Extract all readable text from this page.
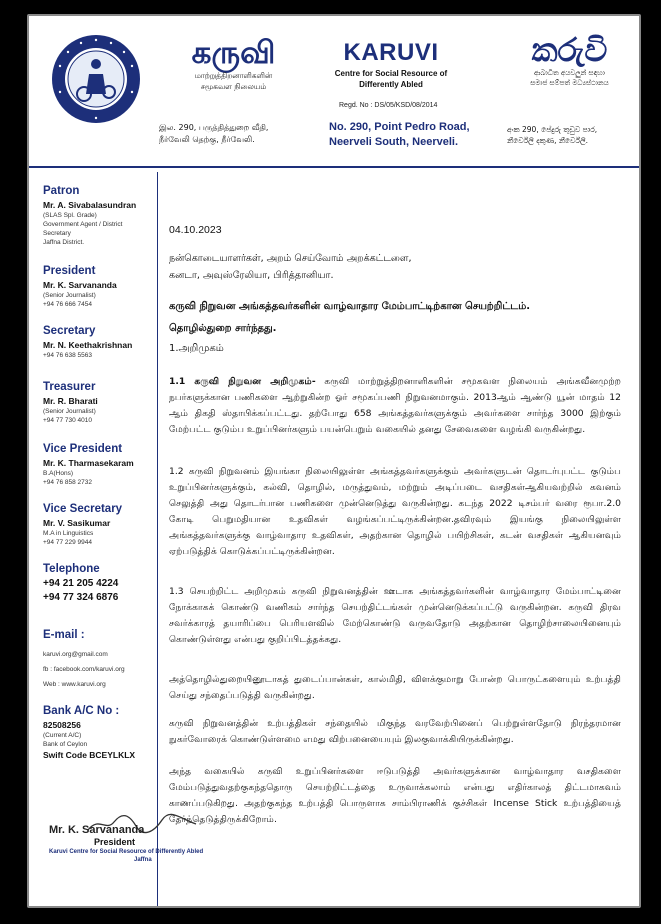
கருவி
மாற்றுத்திறனாளிகளின்
சமூகவள நிலையம்
KARUVI
Centre for Social Resource of
Differently Abled
කරුවි
ආබාධිත අයවලුන් සඳහා
සමාජ සම්පත් මධ්‍යස්ථානය
Regd. No : DS/05/KSD/08/2014
இல. 290, பருத்தித்துறை வீதி,
நீர்வேலி தெற்கு, நீர்வேலி.
No. 290, Point Pedro Road,
Neerveli South, Neerveli.
අංක 290, පේදුරු තුඩුව පාර,
නීර්වේලි දකුණ, නීර්වේලි.
Patron
Mr. A. Sivabalasundran
(SLAS Spl. Grade)
Government Agent / District
Secretary
Jaffna District.
President
Mr. K. Sarvananda
(Senior Journalist)
+94 76 666 7454
Secretary
Mr. N. Keethakrishnan
+94 76 638 5563
Treasurer
Mr. R. Bharati
(Senior Journalist)
+94 77 730 4010
Vice President
Mr. K. Tharmasekaram
B.A(Hons)
+94 76 858 2732
Vice Secretary
Mr. V. Sasikumar
M.A in Linguistics
+94 77 229 9944
Telephone
+94 21 205 4224
+94 77 324 6876
E-mail :
karuvi.org@gmail.com
fb : facebook.com/karuvi.org
Web : www.karuvi.org
Bank A/C No :
82508256
(Current A/C)
Bank of Ceylon
Swift Code BCEYLKLX
04.10.2023
நன்கொடையாளர்கள், அறம் செய்வோம் அறக்கட்டளை,
கனடா, அவுஸ்ரேலியா, பிரித்தானியா.
கருவி நிறுவன அங்கத்தவர்களின் வாழ்வாதார மேம்பாட்டிற்கான செயற்றிட்டம்.
தொழில்துறை சார்ந்தது.
1.அறிமுகம்
1.1 கருவி நிறுவன அறிமுகம்- கருவி மாற்றுத்திறனாளிகளின் சமூகவள நிலையம் அங்கவீனமுற்ற நபர்களுக்கான பணிகளை ஆற்றுகின்ற ஓர் சமூகப்பணி நிறுவனமாகும். 2013ஆம் ஆண்டு யூன் மாதம் 12 ஆம் திகதி ஸ்தாபிக்கப்பட்டது. தற்போது 658 அங்கத்தவர்களுக்கும் அவர்களை சார்ந்த 3000 இற்கும் மேற்பட்ட குடும்ப உறுப்பினர்களும் பயன்பெறும் வகையில் தனது சேவைகளை வழங்கி வருகின்றது.
1.2 கருவி நிறுவனம் இயங்கா நிலையிலுள்ள அங்கத்தவர்களுக்கும் அவர்களுடன் தொடர்புபட்ட குடும்ப உறுப்பினர்களுக்கும், கல்வி, தொழில், மருத்துவம், மற்றும் அடிப்படை வசதிகள்ஆகியவற்றில் கவனம் செலுத்தி அது தொடர்பான பணிகளை முன்னெடுத்து வருகின்றது. கடந்த 2022 டிசம்பர் வரை ரூபா.2.0 கோடி பெறுமதியான உதவிகள் வழங்கப்பட்டிருக்கின்றன.தவிரவும் இயங்கு நிலையிலுள்ள அங்கத்தவர்களுக்கு வாழ்வாதார உதவிகள், அதற்கான தொழில் பயிற்சிகள், கடன் வசதிகள் ஆகியனவும் ஏற்படுத்திக் கொடுக்கப்பட்டிருக்கின்றன.
1.3 செயற்றிட்ட அறிமுகம் கருவி நிறுவனத்தின் ஊடாக அங்கத்தவர்களின் வாழ்வாதார மேம்பாட்டினை நோக்காகக் கொண்டு வணிகம் சார்ந்த செயற்திட்டங்கள் முன்னெடுக்கப்பட்டு வருகின்றன. கருவி திரவ சவர்க்காரத் தயாரிப்பை பெரியளவில் மேற்கொண்டு வருவதோடு அதற்கான தொழிற்சாலையினையும் கொண்டுள்ளது என்பது குறிப்பிடத்தக்கது.
அத்தொழில்துறையினூடாகத் துடைப்பான்கள், கால்மிதி, விளக்குமாறு போன்ற பொருட்களையும் உற்பத்தி செய்து சந்தைப்படுத்தி வருகின்றது.
கருவி நிறுவனத்தின் உற்பத்திகள் சந்தையில் மிகுந்த வரவேற்பினைப் பெற்றுள்ளதோடு நிரந்தரமான நுகர்வோரைக் கொண்டுள்ளமை எமது விற்பனையையும் இலகுவாக்கியிருக்கின்றது.
அந்த வகையில் கருவி உறுப்பினர்களை ஈடுபடுத்தி அவர்களுக்கான வாழ்வாதார வசதிகளை மேம்படுத்துவதற்குகந்ததொரு செயற்றிட்டத்தை உருவாக்கலாம் என்பது எதிர்காலத் திட்டமாகவம் காணப்படுகிறது. அதற்குகந்த உற்பத்தி பொருளாக சாம்பிராணிக் குச்சிகள் Incense Stick உற்பத்தியைத் தேர்ந்தெடுத்திருக்கிறோம்.
Mr. K. Sarvananda
President
Karuvi Centre for Social Resource of Differently Abled
Jaffna
